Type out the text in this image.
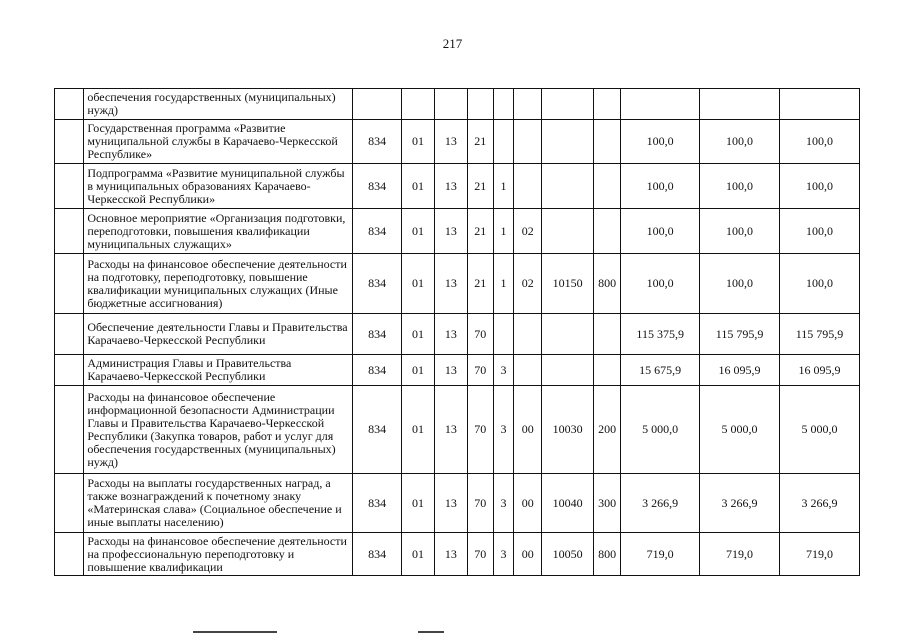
217
	обеспечения государственных (муниципальных) нужд)											
	Государственная программа «Развитие муниципальной службы в Карачаево-Черкесской Республике»	834	01	13	21					100,0	100,0	100,0
	Подпрограмма «Развитие муниципальной службы в муниципальных образованиях Карачаево-Черкесской Республики»	834	01	13	21	1				100,0	100,0	100,0
	Основное мероприятие «Организация подготовки, переподготовки, повышения квалификации муниципальных служащих»	834	01	13	21	1	02			100,0	100,0	100,0
	Расходы на финансовое обеспечение деятельности на подготовку, переподготовку, повышение квалификации муниципальных служащих (Иные бюджетные ассигнования)	834	01	13	21	1	02	10150	800	100,0	100,0	100,0
	Обеспечение деятельности Главы и Правительства Карачаево-Черкесской Республики	834	01	13	70					115 375,9	115 795,9	115 795,9
	Администрация Главы и Правительства Карачаево-Черкесской Республики	834	01	13	70	3				15 675,9	16 095,9	16 095,9
	Расходы на финансовое обеспечение информационной безопасности Администрации Главы и Правительства Карачаево-Черкесской Республики (Закупка товаров, работ и услуг для обеспечения государственных (муниципальных) нужд)	834	01	13	70	3	00	10030	200	5 000,0	5 000,0	5 000,0
	Расходы на выплаты государственных наград, а также вознаграждений к почетному знаку «Материнская слава» (Социальное обеспечение и иные выплаты населению)	834	01	13	70	3	00	10040	300	3 266,9	3 266,9	3 266,9
	Расходы на финансовое обеспечение деятельности на профессиональную переподготовку и повышение квалификации	834	01	13	70	3	00	10050	800	719,0	719,0	719,0
